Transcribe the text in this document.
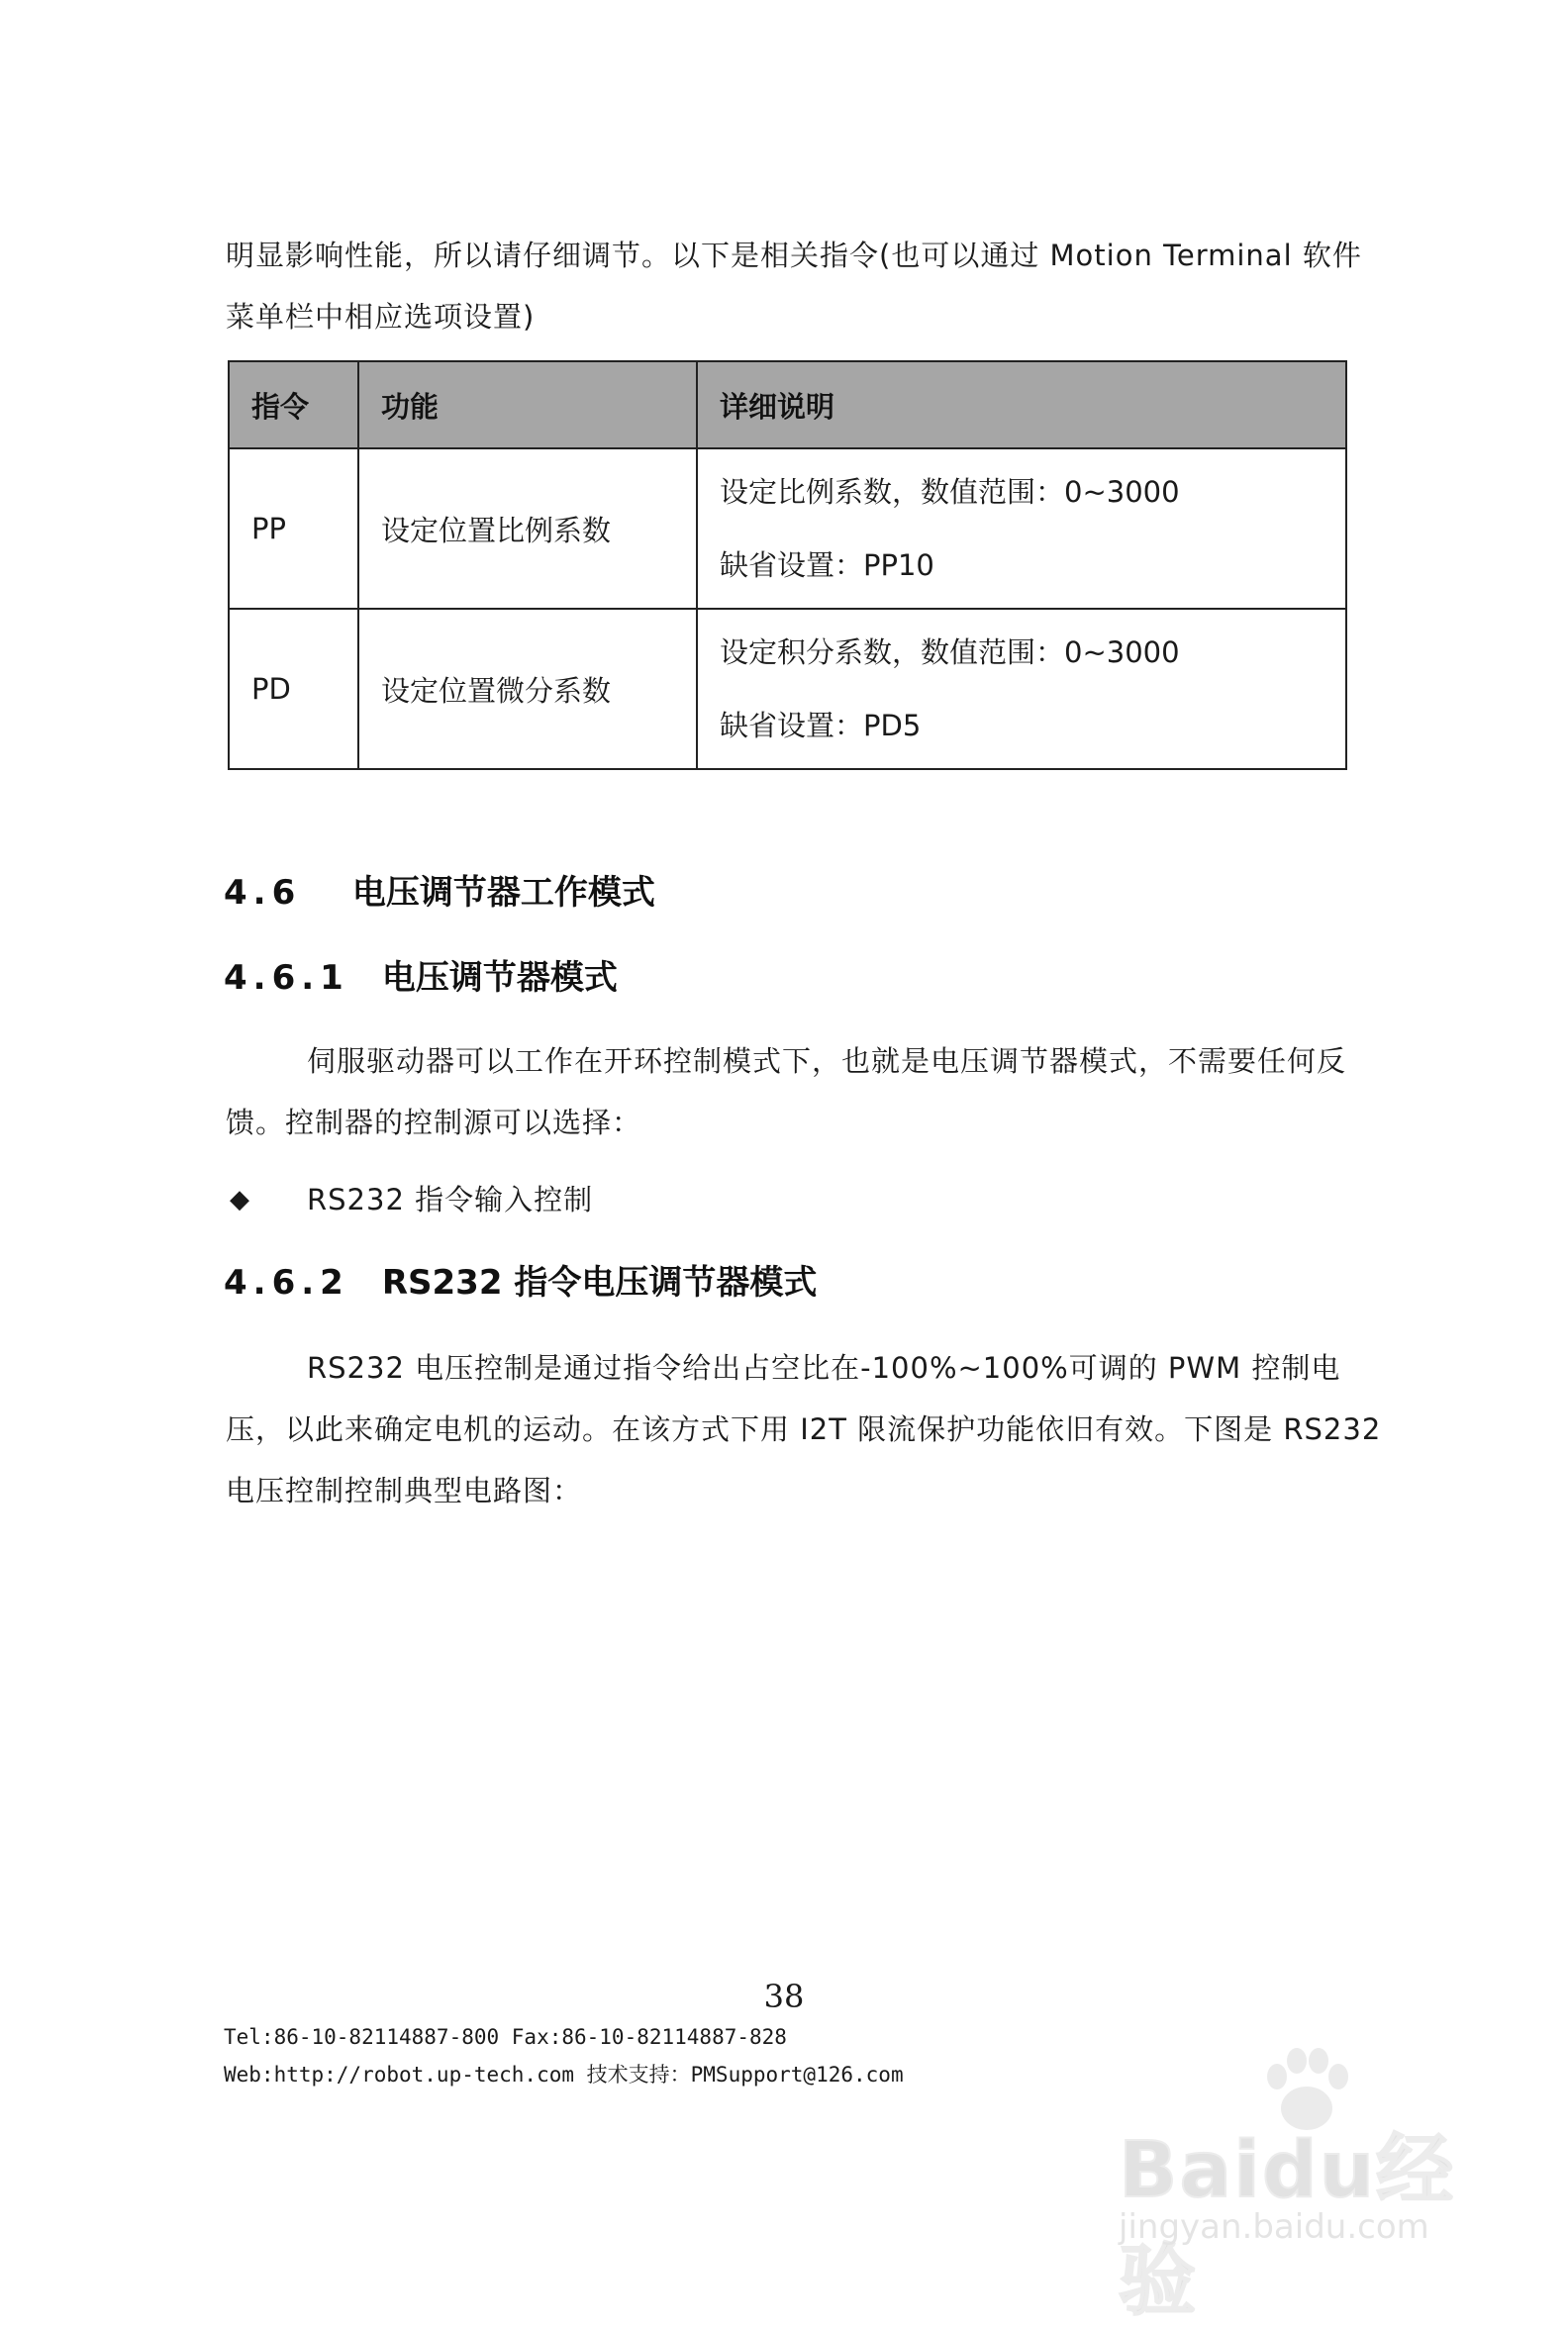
明显影响性能，所以请仔细调节。以下是相关指令(也可以通过 Motion Terminal 软件
菜单栏中相应选项设置)
指令	功能	详细说明
PP	设定位置比例系数	设定比例系数，数值范围：0~3000
缺省设置：PP10

PD	设定位置微分系数	设定积分系数，数值范围：0~3000
缺省设置：PD5
4.6 电压调节器工作模式
4.6.1 电压调节器模式
伺服驱动器可以工作在开环控制模式下，也就是电压调节器模式，不需要任何反
馈。控制器的控制源可以选择：
◆ RS232 指令输入控制
4.6.2 RS232 指令电压调节器模式
RS232 电压控制是通过指令给出占空比在-100%~100%可调的 PWM 控制电
压，以此来确定电机的运动。在该方式下用 I2T 限流保护功能依旧有效。下图是 RS232
电压控制控制典型电路图：
38
Tel:86-10-82114887-800 Fax:86-10-82114887-828
Web:http://robot.up-tech.com 技术支持：PMSupport@126.com
Baidu经验
jingyan.baidu.com
